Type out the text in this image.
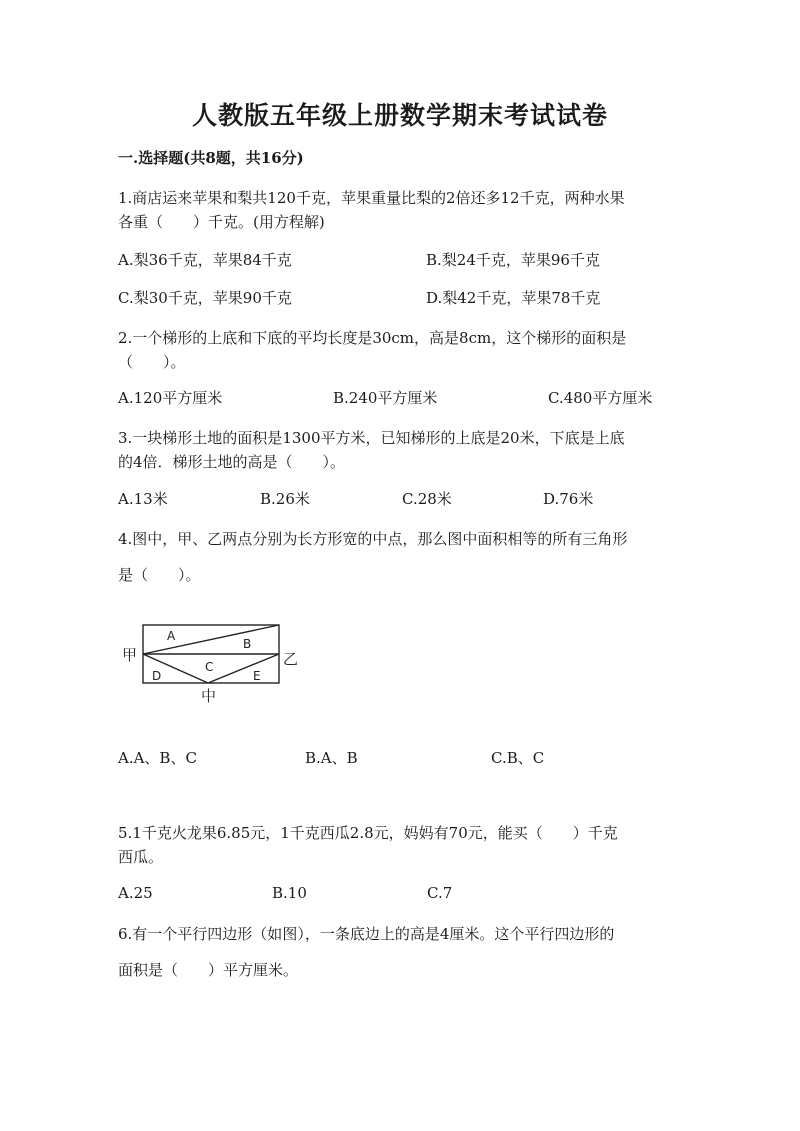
人教版五年级上册数学期末考试试卷
一.选择题(共8题，共16分)
1.商店运来苹果和梨共120千克，苹果重量比梨的2倍还多12千克，两种水果
各重（　　）千克。(用方程解)
A.梨36千克，苹果84千克	B.梨24千克，苹果96千克
C.梨30千克，苹果90千克	D.梨42千克，苹果78千克
2.一个梯形的上底和下底的平均长度是30cm，高是8cm，这个梯形的面积是
（　　）。
A.120平方厘米	B.240平方厘米	C.480平方厘米
3.一块梯形土地的面积是1300平方米，已知梯形的上底是20米，下底是上底
的4倍．梯形土地的高是（　　）。
A.13米	B.26米	C.28米	D.76米
4.图中，甲、乙两点分别为长方形宽的中点，那么图中面积相等的所有三角形
是（　　）。
A
B
C
D	E
甲	乙
中
A.A、B、C	B.A、B	C.B、C
5.1千克火龙果6.85元，1千克西瓜2.8元，妈妈有70元，能买（　　）千克
西瓜。
A.25	B.10	C.7
6.有一个平行四边形（如图），一条底边上的高是4厘米。这个平行四边形的
面积是（　　）平方厘米。
